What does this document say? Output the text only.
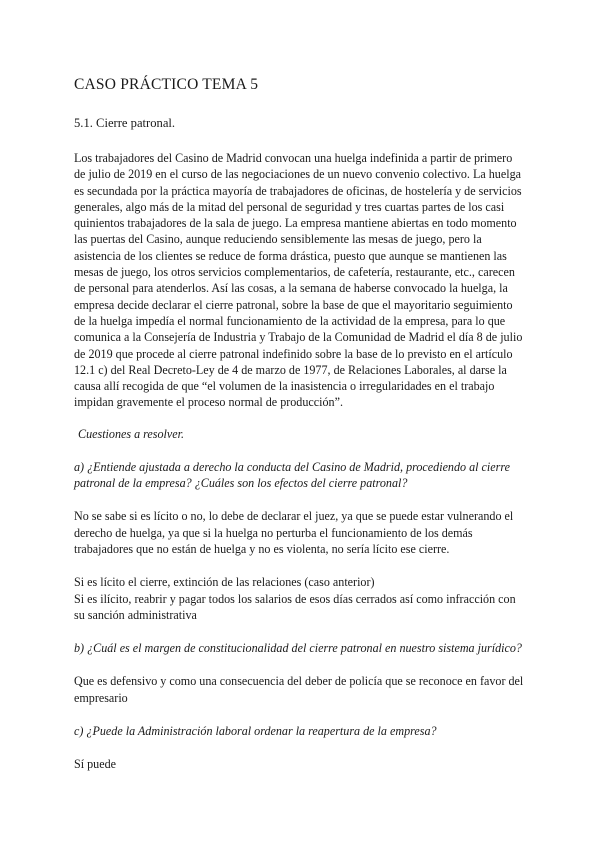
CASO PRÁCTICO TEMA 5
5.1. Cierre patronal.

Los trabajadores del Casino de Madrid convocan una huelga indefinida a partir de primero de julio de 2019 en el curso de las negociaciones de un nuevo convenio colectivo. La huelga es secundada por la práctica mayoría de trabajadores de oficinas, de hostelería y de servicios generales, algo más de la mitad del personal de seguridad y tres cuartas partes de los casi quinientos trabajadores de la sala de juego. La empresa mantiene abiertas en todo momento las puertas del Casino, aunque reduciendo sensiblemente las mesas de juego, pero la asistencia de los clientes se reduce de forma drástica, puesto que aunque se mantienen las mesas de juego, los otros servicios complementarios, de cafetería, restaurante, etc., carecen de personal para atenderlos. Así las cosas, a la semana de haberse convocado la huelga, la empresa decide declarar el cierre patronal, sobre la base de que el mayoritario seguimiento de la huelga impedía el normal funcionamiento de la actividad de la empresa, para lo que comunica a la Consejería de Industria y Trabajo de la Comunidad de Madrid el día 8 de julio de 2019 que procede al cierre patronal indefinido sobre la base de lo previsto en el artículo 12.1 c) del Real Decreto-Ley de 4 de marzo de 1977, de Relaciones Laborales, al darse la causa allí recogida de que “el volumen de la inasistencia o irregularidades en el trabajo impidan gravemente el proceso normal de producción”.

Cuestiones a resolver.

a) ¿Entiende ajustada a derecho la conducta del Casino de Madrid, procediendo al cierre patronal de la empresa? ¿Cuáles son los efectos del cierre patronal?

No se sabe si es lícito o no, lo debe de declarar el juez, ya que se puede estar vulnerando el derecho de huelga, ya que si la huelga no perturba el funcionamiento de los demás trabajadores que no están de huelga y no es violenta, no sería lícito ese cierre.

Si es lícito el cierre, extinción de las relaciones (caso anterior)

Si es ilícito, reabrir y pagar todos los salarios de esos días cerrados así como infracción con su sanción administrativa

b) ¿Cuál es el margen de constitucionalidad del cierre patronal en nuestro sistema jurídico?

Que es defensivo y como una consecuencia del deber de policía que se reconoce en favor del empresario

c) ¿Puede la Administración laboral ordenar la reapertura de la empresa?

Sí puede
